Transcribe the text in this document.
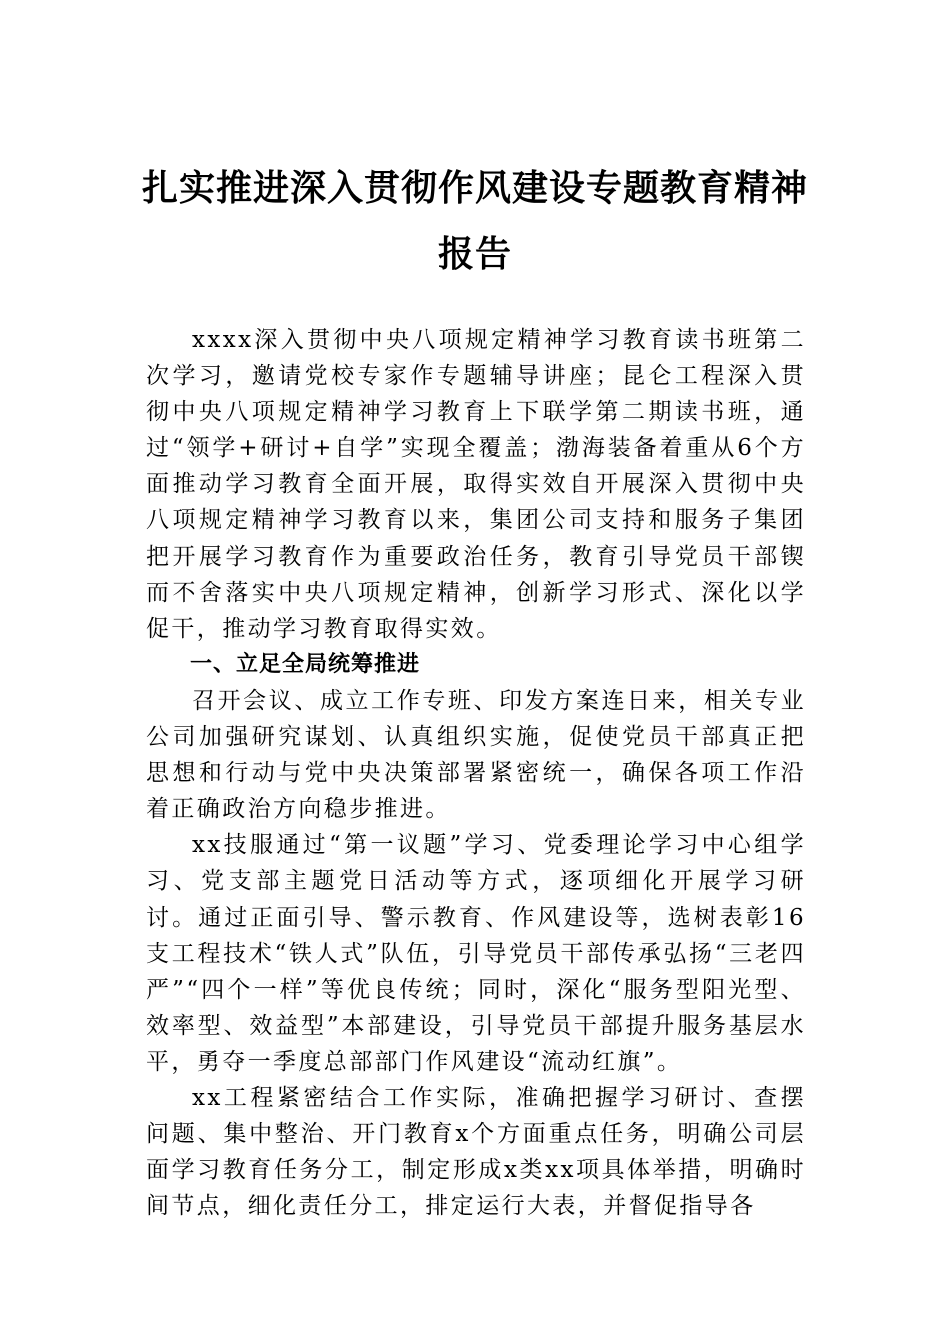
扎实推进深入贯彻作风建设专题教育精神
报告

xxxx深入贯彻中央八项规定精神学习教育读书班第二次学习，邀请党校专家作专题辅导讲座；昆仑工程深入贯彻中央八项规定精神学习教育上下联学第二期读书班，通过“领学+研讨+自学”实现全覆盖；渤海装备着重从6个方面推动学习教育全面开展，取得实效自开展深入贯彻中央八项规定精神学习教育以来，集团公司支持和服务子集团把开展学习教育作为重要政治任务，教育引导党员干部锲而不舍落实中央八项规定精神，创新学习形式、深化以学促干，推动学习教育取得实效。

一、立足全局统筹推进

召开会议、成立工作专班、印发方案连日来，相关专业公司加强研究谋划、认真组织实施，促使党员干部真正把思想和行动与党中央决策部署紧密统一，确保各项工作沿着正确政治方向稳步推进。

xx技服通过“第一议题”学习、党委理论学习中心组学习、党支部主题党日活动等方式，逐项细化开展学习研讨。通过正面引导、警示教育、作风建设等，选树表彰16支工程技术“铁人式”队伍，引导党员干部传承弘扬“三老四严”“四个一样”等优良传统；同时，深化“服务型阳光型、效率型、效益型”本部建设，引导党员干部提升服务基层水平，勇夺一季度总部部门作风建设“流动红旗”。

xx工程紧密结合工作实际，准确把握学习研讨、查摆问题、集中整治、开门教育x个方面重点任务，明确公司层面学习教育任务分工，制定形成x类xx项具体举措，明确时间节点，细化责任分工，排定运行大表，并督促指导各
